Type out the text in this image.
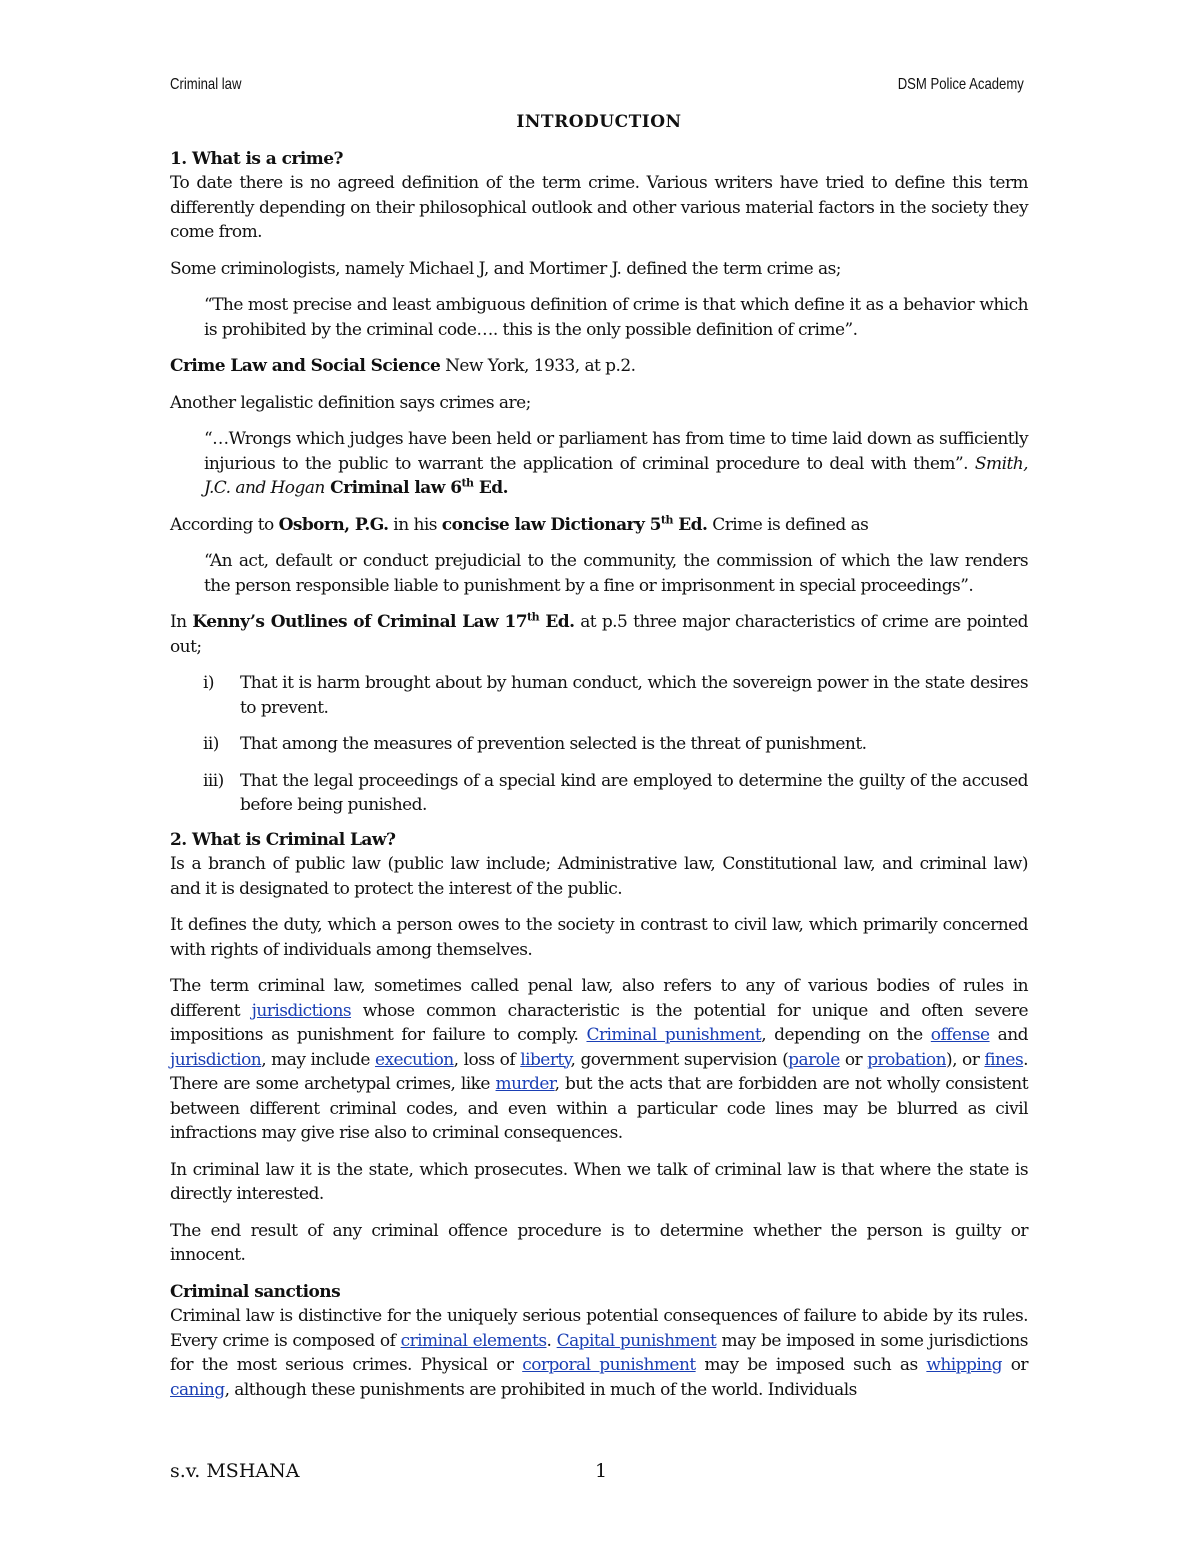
Criminal law	DSM Police Academy
INTRODUCTION
1. What is a crime?

To date there is no agreed definition of the term crime. Various writers have tried to define this term differently depending on their philosophical outlook and other various material factors in the society they come from.

Some criminologists, namely Michael J, and Mortimer J. defined the term crime as;

“The most precise and least ambiguous definition of crime is that which define it as a behavior which is prohibited by the criminal code…. this is the only possible definition of crime”.

Crime Law and Social Science New York, 1933, at p.2.

Another legalistic definition says crimes are;

“…Wrongs which judges have been held or parliament has from time to time laid down as sufficiently injurious to the public to warrant the application of criminal procedure to deal with them”. Smith, J.C. and Hogan Criminal law 6th Ed.

According to Osborn, P.G. in his concise law Dictionary 5th Ed. Crime is defined as

“An act, default or conduct prejudicial to the community, the commission of which the law renders the person responsible liable to punishment by a fine or imprisonment in special proceedings”.

In Kenny’s Outlines of Criminal Law 17th Ed. at p.5 three major characteristics of crime are pointed out;

i) That it is harm brought about by human conduct, which the sovereign power in the state desires to prevent.
ii) That among the measures of prevention selected is the threat of punishment.
iii) That the legal proceedings of a special kind are employed to determine the guilty of the accused before being punished.
2. What is Criminal Law?

Is a branch of public law (public law include; Administrative law, Constitutional law, and criminal law) and it is designated to protect the interest of the public.

It defines the duty, which a person owes to the society in contrast to civil law, which primarily concerned with rights of individuals among themselves.

The term criminal law, sometimes called penal law, also refers to any of various bodies of rules in different jurisdictions whose common characteristic is the potential for unique and often severe impositions as punishment for failure to comply. Criminal punishment, depending on the offense and jurisdiction, may include execution, loss of liberty, government supervision (parole or probation), or fines. There are some archetypal crimes, like murder, but the acts that are forbidden are not wholly consistent between different criminal codes, and even within a particular code lines may be blurred as civil infractions may give rise also to criminal consequences.

In criminal law it is the state, which prosecutes. When we talk of criminal law is that where the state is directly interested.

The end result of any criminal offence procedure is to determine whether the person is guilty or innocent.

Criminal sanctions

Criminal law is distinctive for the uniquely serious potential consequences of failure to abide by its rules. Every crime is composed of criminal elements. Capital punishment may be imposed in some jurisdictions for the most serious crimes. Physical or corporal punishment may be imposed such as whipping or caning, although these punishments are prohibited in much of the world. Individuals

s.v. MSHANA	1
